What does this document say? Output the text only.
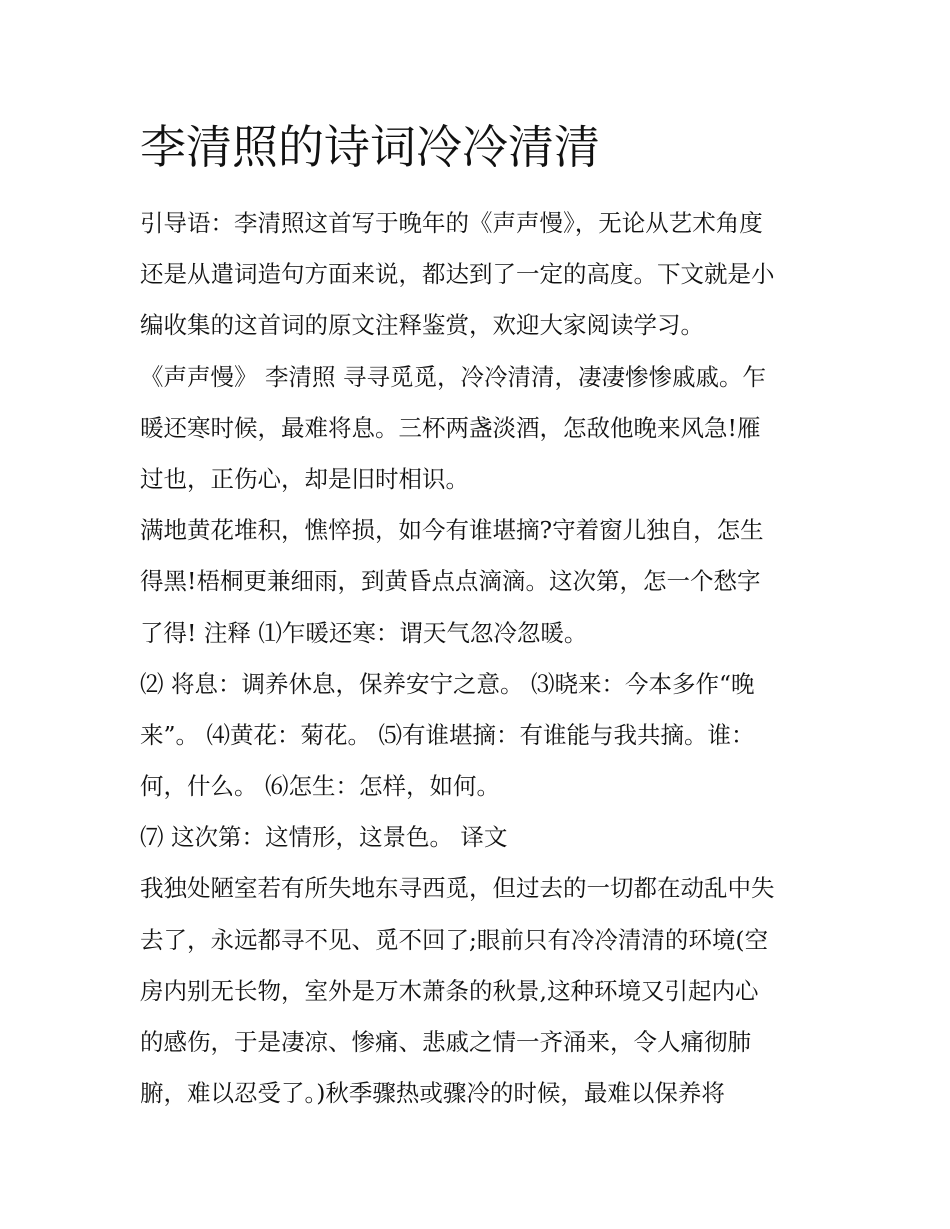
李清照的诗词冷冷清清
引导语：李清照这首写于晚年的《声声慢》，无论从艺术角度
还是从遣词造句方面来说，都达到了一定的高度。下文就是小
编收集的这首词的原文注释鉴赏，欢迎大家阅读学习。
《声声慢》 李清照 寻寻觅觅，冷冷清清，凄凄惨惨戚戚。乍
暖还寒时候，最难将息。三杯两盏淡酒，怎敌他晚来风急!雁
过也，正伤心，却是旧时相识。
满地黄花堆积，憔悴损，如今有谁堪摘?守着窗儿独自，怎生
得黑!梧桐更兼细雨，到黄昏点点滴滴。这次第，怎一个愁字
了得! 注释 ⑴乍暖还寒：谓天气忽冷忽暖。
⑵ 将息：调养休息，保养安宁之意。 ⑶晓来：今本多作“晚
来”。 ⑷黄花：菊花。 ⑸有谁堪摘：有谁能与我共摘。谁：
何，什么。 ⑹怎生：怎样，如何。
⑺ 这次第：这情形，这景色。 译文
我独处陋室若有所失地东寻西觅，但过去的一切都在动乱中失
去了，永远都寻不见、觅不回了;眼前只有冷冷清清的环境(空
房内别无长物，室外是万木萧条的秋景,这种环境又引起内心
的感伤，于是凄凉、惨痛、悲戚之情一齐涌来，令人痛彻肺
腑，难以忍受了。)秋季骤热或骤冷的时候，最难以保养将
